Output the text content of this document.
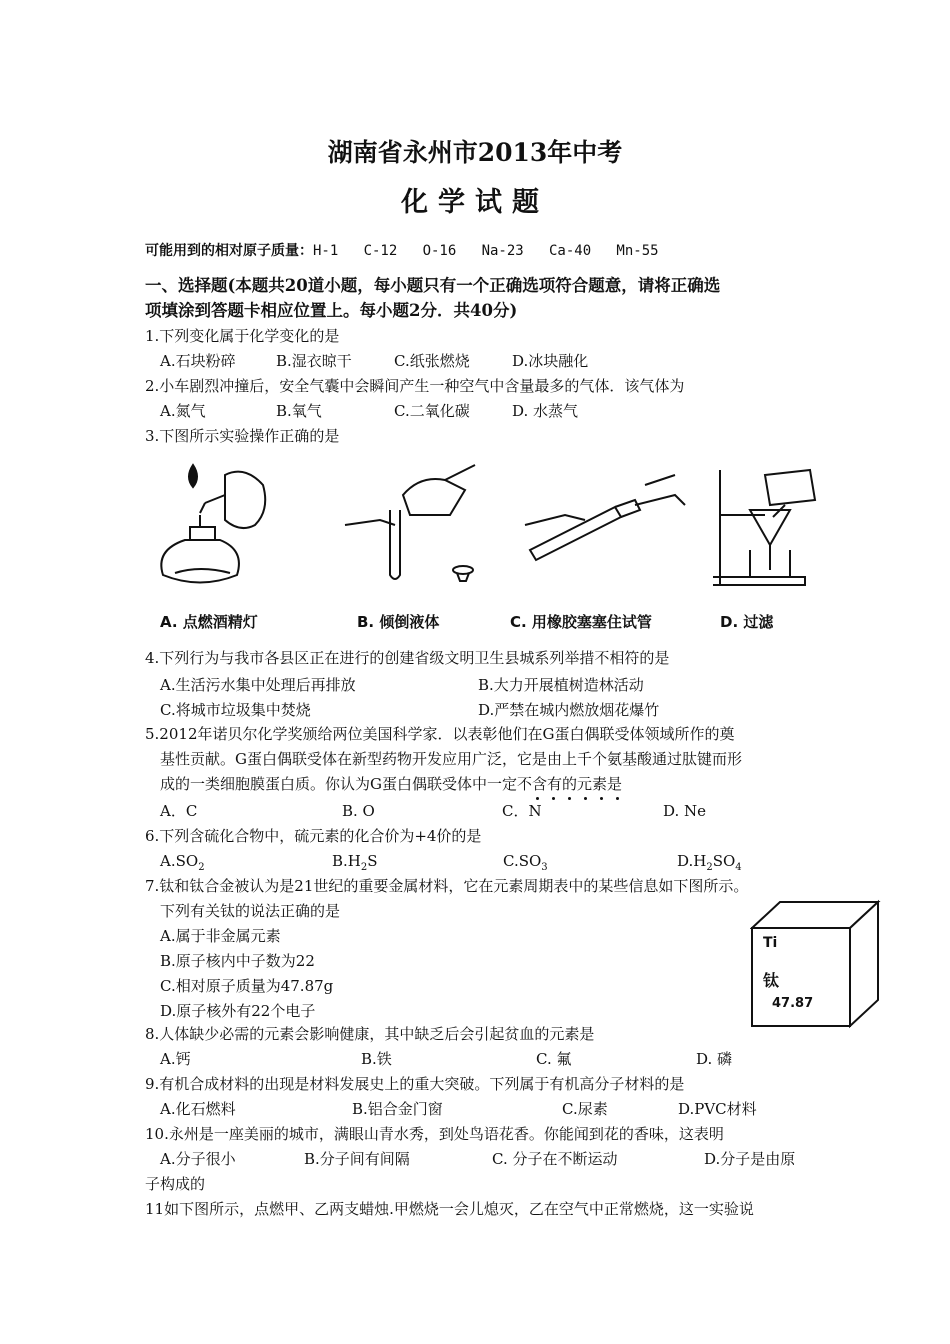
湖南省永州市2013年中考
化学试题
可能用到的相对原子质量：H-1   C-12   O-16   Na-23   Ca-40   Mn-55
一、选择题(本题共20道小题，每小题只有一个正确选项符合题意，请将正确选
项填涂到答题卡相应位置上。每小题2分．共40分)
1.下列变化属于化学变化的是
A.石块粉碎	B.湿衣晾干	C.纸张燃烧	D.冰块融化
2.小车剧烈冲撞后，安全气囊中会瞬间产生一种空气中含量最多的气体．该气体为
A.氮气	B.氧气	C.二氧化碳	D. 水蒸气
3.下图所示实验操作正确的是
A. 点燃酒精灯	B. 倾倒液体	C. 用橡胶塞塞住试管	D. 过滤
4.下列行为与我市各县区正在进行的创建省级文明卫生县城系列举措不相符的是
A.生活污水集中处理后再排放	B.大力开展植树造林活动
C.将城市垃圾集中焚烧	D.严禁在城内燃放烟花爆竹
5.2012年诺贝尔化学奖颁给两位美国科学家．以表彰他们在G蛋白偶联受体领域所作的奠
基性贡献。G蛋白偶联受体在新型药物开发应用广泛，它是由上千个氨基酸通过肽键而形
成的一类细胞膜蛋白质。你认为G蛋白偶联受体中一定不含有的元素是
A．C	B. O	C．N	D. Ne
6.下列含硫化合物中，硫元素的化合价为+4价的是
$A.SO_2$	$B.H_2S$	$C.SO_3$	$D.H_2SO_4$
7.钛和钛合金被认为是21世纪的重要金属材料，它在元素周期表中的某些信息如下图所示。
下列有关钛的说法正确的是
A.属于非金属元素
B.原子核内中子数为22
C.相对原子质量为47.87g
D.原子核外有22个电子
Ti
钛
47.87
8.人体缺少必需的元素会影响健康，其中缺乏后会引起贫血的元素是
A.钙	B.铁	C. 氟	D. 磷
9.有机合成材料的出现是材料发展史上的重大突破。下列属于有机高分子材料的是
A.化石燃料	B.铝合金门窗	C.尿素	D.PVC材料
10.永州是一座美丽的城市，满眼山青水秀，到处鸟语花香。你能闻到花的香味，这表明
A.分子很小	B.分子间有间隔	C. 分子在不断运动	D.分子是由原
子构成的
11如下图所示，点燃甲、乙两支蜡烛.甲燃烧一会儿熄灭，乙在空气中正常燃烧，这一实验说
